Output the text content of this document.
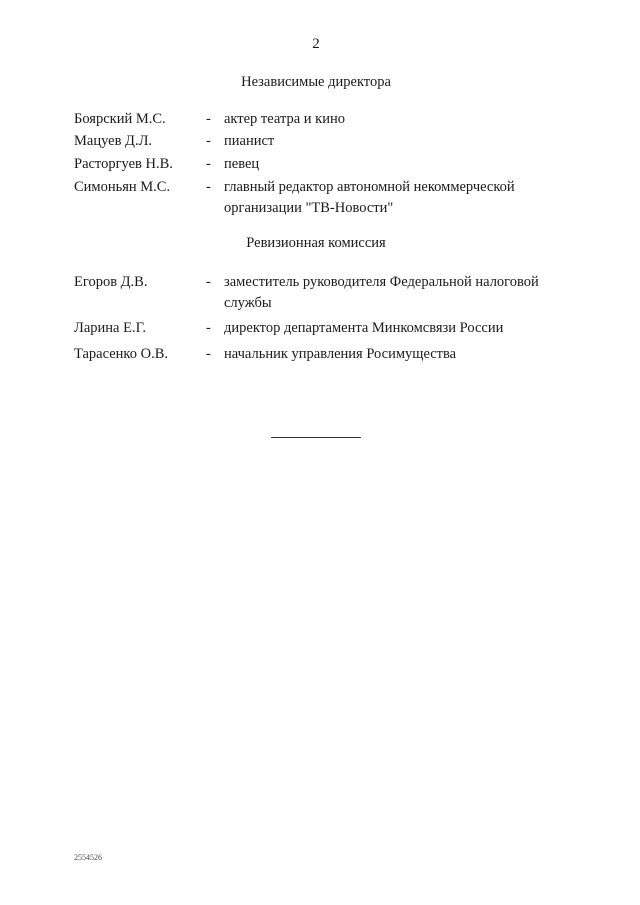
2
Независимые директора
Боярский М.С.	- актер театра и кино
Мацуев Д.Л.	- пианист
Расторгуев Н.В. - певец
Симоньян М.С. - главный редактор автономной некоммерческой организации "ТВ-Новости"
Ревизионная комиссия
Егоров Д.В.	- заместитель руководителя Федеральной налоговой службы
Ларина Е.Г.	- директор департамента Минкомсвязи России
Тарасенко О.В.	- начальник управления Росимущества
2554526
